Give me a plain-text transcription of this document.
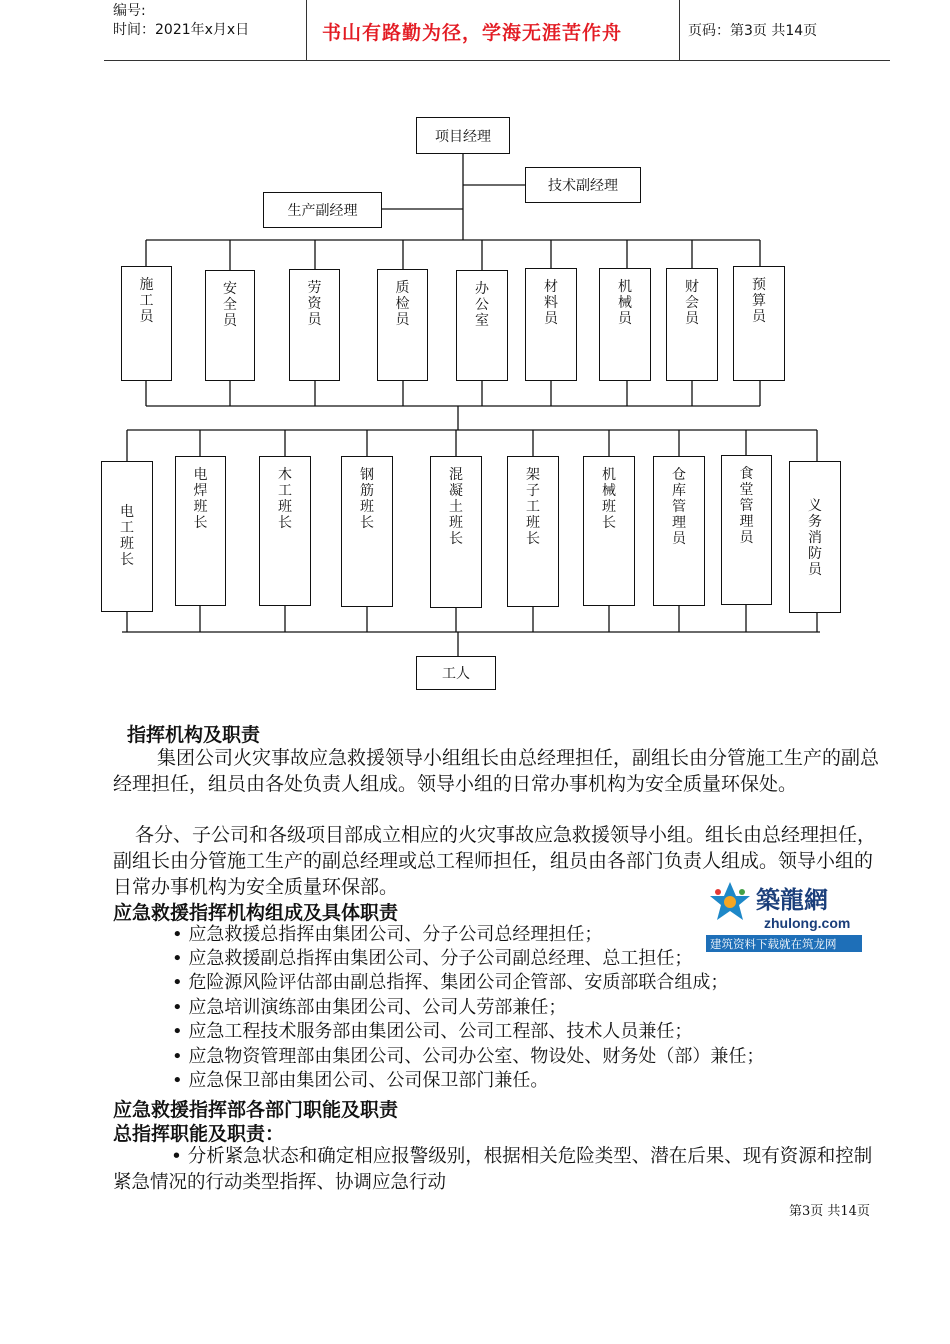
编号:
时间：2021年x月x日	书山有路勤为径，学海无涯苦作舟	页码：第3页 共14页
项目经理
技术副经理
生产副经理
施工员
安全员
劳资员
质检员
办公室
材料员
机械员
财会员
预算员
电工班长
电焊班长
木工班长
钢筋班长
混凝土班长
架子工班长
机械班长
仓库管理员
食堂管理员
义务消防员
工人
指挥机构及职责
集团公司火灾事故应急救援领导小组组长由总经理担任，副组长由分管施工生产的副总经理担任，组员由各处负责人组成。领导小组的日常办事机构为安全质量环保处。
各分、子公司和各级项目部成立相应的火灾事故应急救援领导小组。组长由总经理担任，副组长由分管施工生产的副总经理或总工程师担任，组员由各部门负责人组成。领导小组的日常办事机构为安全质量环保部。
应急救援指挥机构组成及具体职责
• 应急救援总指挥由集团公司、分子公司总经理担任；
• 应急救援副总指挥由集团公司、分子公司副总经理、总工担任；
• 危险源风险评估部由副总指挥、集团公司企管部、安质部联合组成；
• 应急培训演练部由集团公司、公司人劳部兼任；
• 应急工程技术服务部由集团公司、公司工程部、技术人员兼任；
• 应急物资管理部由集团公司、公司办公室、物设处、财务处（部）兼任；
• 应急保卫部由集团公司、公司保卫部门兼任。
应急救援指挥部各部门职能及职责
总指挥职能及职责：
• 分析紧急状态和确定相应报警级别，根据相关危险类型、潜在后果、现有资源和控制紧急情况的行动类型指挥、协调应急行动
第3页 共14页
築龍網
zhulong.com
建筑资料下载就在筑龙网
